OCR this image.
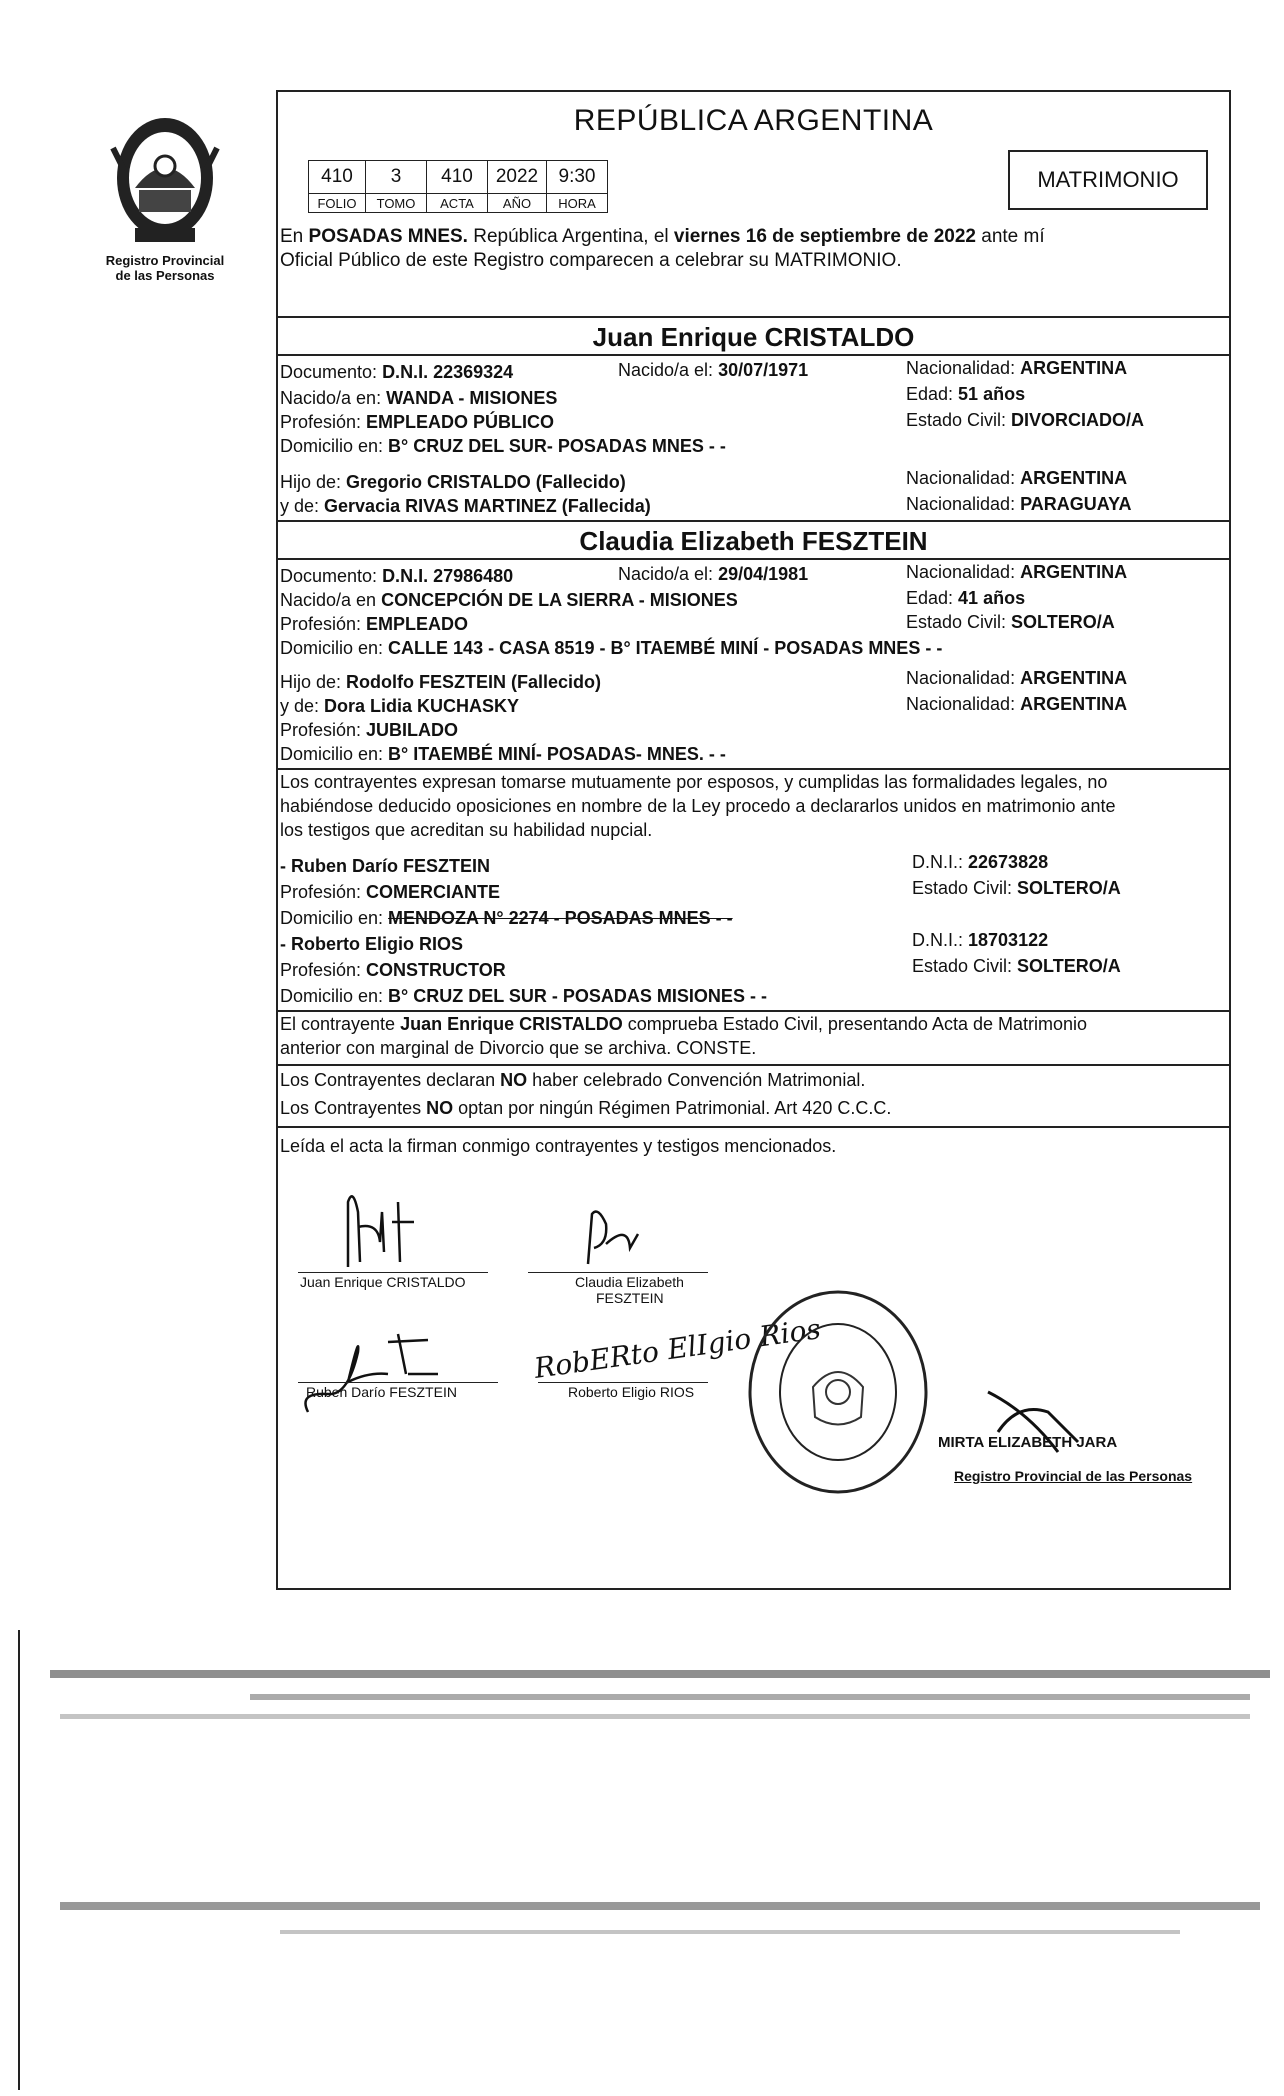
Registro Provincial
de las Personas
REPÚBLICA ARGENTINA
410	3	410	2022	9:30
FOLIO	TOMO	ACTA	AÑO	HORA
MATRIMONIO
En POSADAS MNES. República Argentina, el viernes 16 de septiembre de 2022 ante mí
Oficial Público de este Registro comparecen a celebrar su MATRIMONIO.
Juan Enrique CRISTALDO
Documento: D.N.I. 22369324	Nacido/a el: 30/07/1971	Nacionalidad: ARGENTINA
Nacido/a en: WANDA - MISIONES	Edad: 51 años
Profesión: EMPLEADO PÚBLICO	Estado Civil: DIVORCIADO/A
Domicilio en: B° CRUZ DEL SUR- POSADAS MNES - -
Hijo de: Gregorio CRISTALDO (Fallecido)	Nacionalidad: ARGENTINA
y de: Gervacia RIVAS MARTINEZ (Fallecida)	Nacionalidad: PARAGUAYA
Claudia Elizabeth FESZTEIN
Documento: D.N.I. 27986480	Nacido/a el: 29/04/1981	Nacionalidad: ARGENTINA
Nacido/a en CONCEPCIÓN DE LA SIERRA - MISIONES	Edad: 41 años
Profesión: EMPLEADO	Estado Civil: SOLTERO/A
Domicilio en: CALLE 143 - CASA 8519 - B° ITAEMBÉ MINÍ - POSADAS MNES - -
Hijo de: Rodolfo FESZTEIN (Fallecido)	Nacionalidad: ARGENTINA
y de: Dora Lidia KUCHASKY	Nacionalidad: ARGENTINA
Profesión: JUBILADO
Domicilio en: B° ITAEMBÉ MINÍ- POSADAS- MNES. - -
Los contrayentes expresan tomarse mutuamente por esposos, y cumplidas las formalidades legales, no
habiéndose deducido oposiciones en nombre de la Ley procedo a declararlos unidos en matrimonio ante
los testigos que acreditan su habilidad nupcial.
- Ruben Darío FESZTEIN	D.N.I.: 22673828
Profesión: COMERCIANTE	Estado Civil: SOLTERO/A
Domicilio en: MENDOZA N° 2274 - POSADAS MNES - -
- Roberto Eligio RIOS	D.N.I.: 18703122
Profesión: CONSTRUCTOR	Estado Civil: SOLTERO/A
Domicilio en: B° CRUZ DEL SUR - POSADAS MISIONES - -
El contrayente Juan Enrique CRISTALDO comprueba Estado Civil, presentando Acta de Matrimonio
anterior con marginal de Divorcio que se archiva. CONSTE.
Los Contrayentes declaran NO haber celebrado Convención Matrimonial.
Los Contrayentes NO optan por ningún Régimen Patrimonial. Art 420 C.C.C.
Leída el acta la firman conmigo contrayentes y testigos mencionados.
Juan Enrique CRISTALDO	Claudia Elizabeth
FESZTEIN
Ruben Darío FESZTEIN
RobERto ElIgio Rios
Roberto Eligio RIOS
MIRTA ELIZABETH JARA
Registro Provincial de las Personas
